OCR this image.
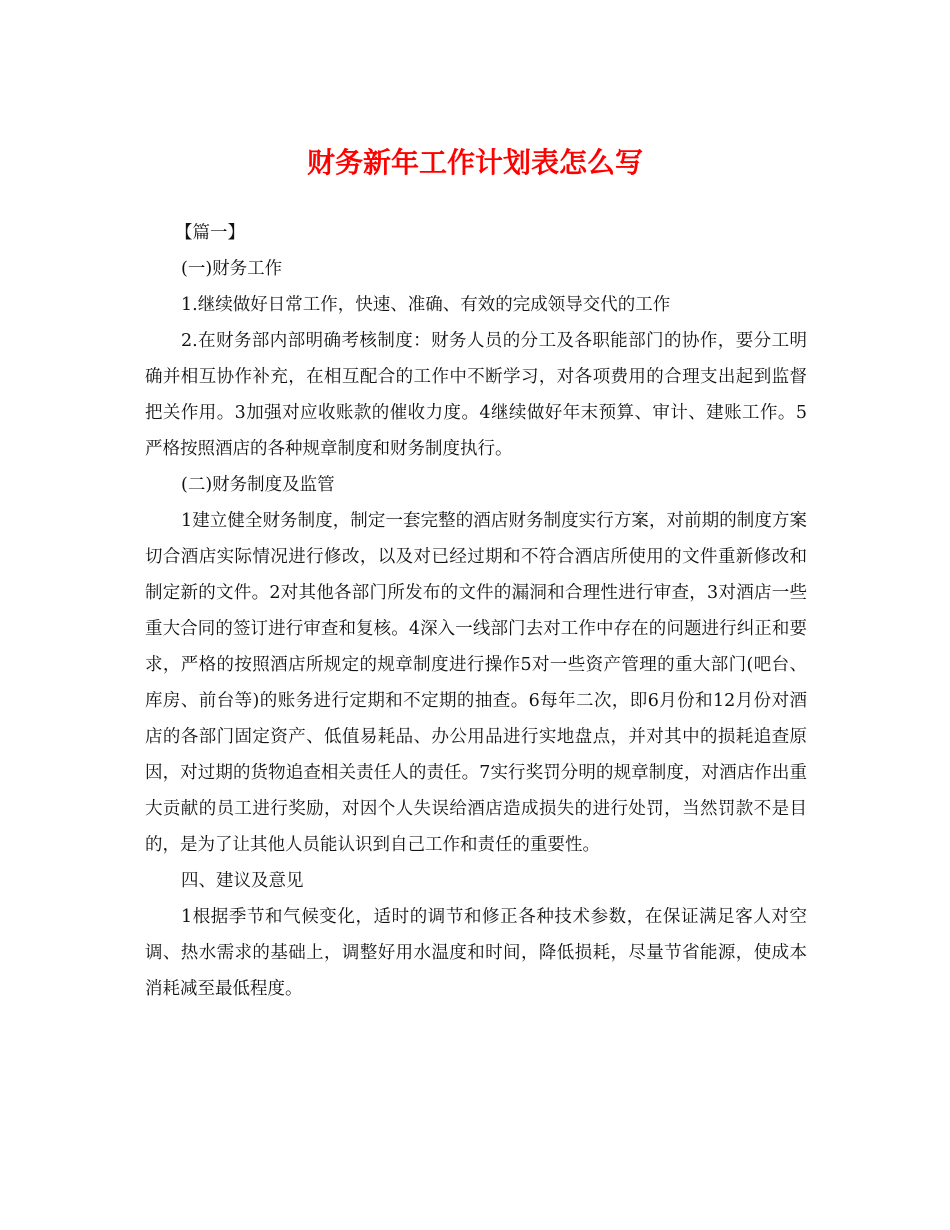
财务新年工作计划表怎么写

【篇一】

(一)财务工作

1.继续做好日常工作，快速、准确、有效的完成领导交代的工作

2.在财务部内部明确考核制度：财务人员的分工及各职能部门的协作，要分工明确并相互协作补充，在相互配合的工作中不断学习，对各项费用的合理支出起到监督把关作用。3加强对应收账款的催收力度。4继续做好年末预算、审计、建账工作。5严格按照酒店的各种规章制度和财务制度执行。

(二)财务制度及监管

1建立健全财务制度，制定一套完整的酒店财务制度实行方案，对前期的制度方案切合酒店实际情况进行修改，以及对已经过期和不符合酒店所使用的文件重新修改和制定新的文件。2对其他各部门所发布的文件的漏洞和合理性进行审查，3对酒店一些重大合同的签订进行审查和复核。4深入一线部门去对工作中存在的问题进行纠正和要求，严格的按照酒店所规定的规章制度进行操作5对一些资产管理的重大部门(吧台、库房、前台等)的账务进行定期和不定期的抽查。6每年二次，即6月份和12月份对酒店的各部门固定资产、低值易耗品、办公用品进行实地盘点，并对其中的损耗追查原因，对过期的货物追查相关责任人的责任。7实行奖罚分明的规章制度，对酒店作出重大贡献的员工进行奖励，对因个人失误给酒店造成损失的进行处罚，当然罚款不是目的，是为了让其他人员能认识到自己工作和责任的重要性。

四、建议及意见

1根据季节和气候变化，适时的调节和修正各种技术参数，在保证满足客人对空调、热水需求的基础上，调整好用水温度和时间，降低损耗，尽量节省能源，使成本消耗减至最低程度。
